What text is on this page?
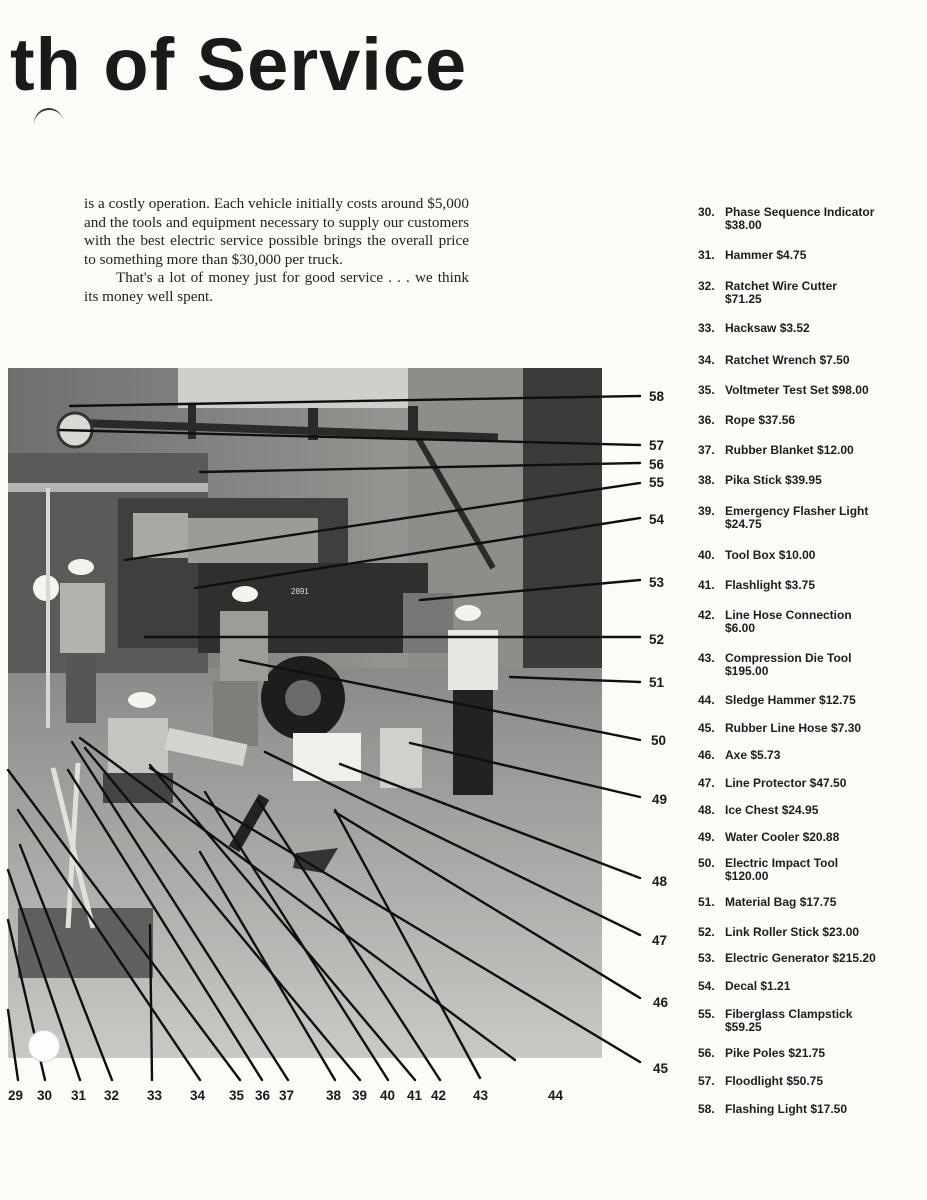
th of Service

is a costly operation. Each vehicle initially costs around $5,000 and the tools and equipment necessary to supply our customers with the best electric service possible brings the overall price to something more than $30,000 per truck.

That's a lot of money just for good service . . . we think its money well spent.

2891
58
57
56
55
54
53
52
51
50
49
48
47
46
45
29 30 31 32 33 34 35 36 37 38 39 40 41 42 43	44
30. Phase Sequence Indicator
$38.00
31. Hammer $4.75
32. Ratchet Wire Cutter
$71.25
33. Hacksaw $3.52
34. Ratchet Wrench $7.50
35. Voltmeter Test Set $98.00
36. Rope $37.56
37. Rubber Blanket $12.00
38. Pika Stick $39.95
39. Emergency Flasher Light
$24.75
40. Tool Box $10.00
41. Flashlight $3.75
42. Line Hose Connection
$6.00
43. Compression Die Tool
$195.00
44. Sledge Hammer $12.75
45. Rubber Line Hose $7.30
46. Axe $5.73
47. Line Protector $47.50
48. Ice Chest $24.95
49. Water Cooler $20.88
50. Electric Impact Tool
$120.00
51. Material Bag $17.75
52. Link Roller Stick $23.00
53. Electric Generator $215.20
54. Decal $1.21
55. Fiberglass Clampstick
$59.25
56. Pike Poles $21.75
57. Floodlight $50.75
58. Flashing Light $17.50
